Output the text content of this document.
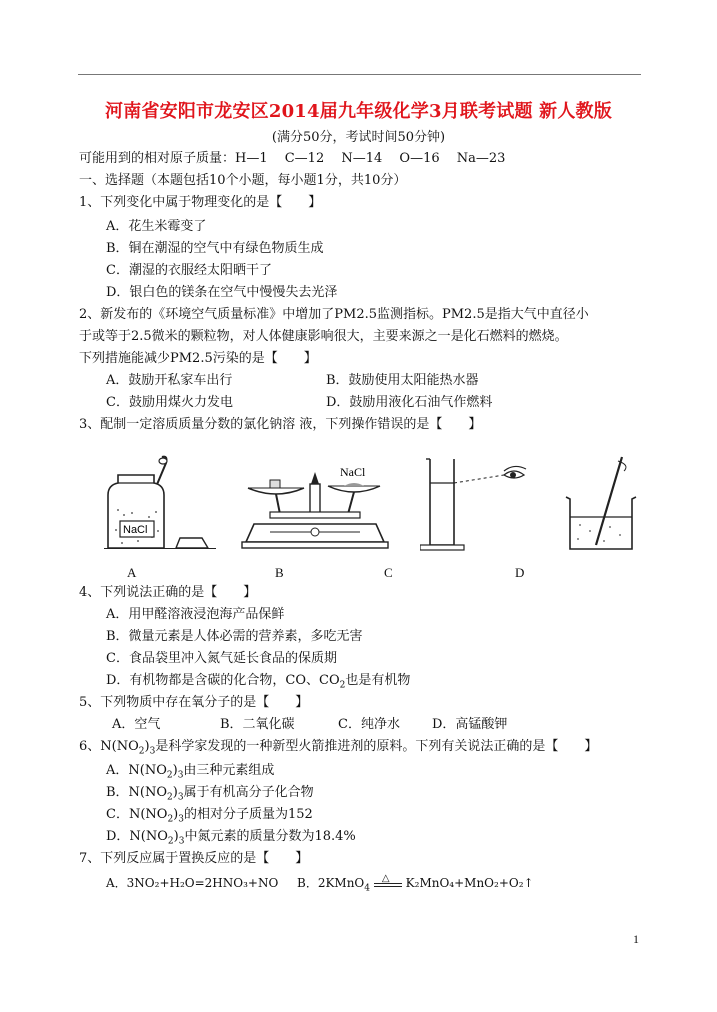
河南省安阳市龙安区2014届九年级化学3月联考试题 新人教版
(满分50分，考试时间50分钟)
可能用到的相对原子质量：H—1　 C—12　 N—14　 O—16　 Na—23
一、选择题（本题包括10个小题，每小题1分，共10分）
1、下列变化中属于物理变化的是【　　】
A．花生米霉变了
B．铜在潮湿的空气中有绿色物质生成
C．潮湿的衣服经太阳晒干了
D．银白色的镁条在空气中慢慢失去光泽
2、新发布的《环境空气质量标准》中增加了PM2.5监测指标。PM2.5是指大气中直径小
于或等于2.5微米的颗粒物，对人体健康影响很大，主要来源之一是化石燃料的燃烧。
下列措施能减少PM2.5污染的是【　　】
A．鼓励开私家车出行	B．鼓励使用太阳能热水器
C．鼓励用煤火力发电	D．鼓励用液化石油气作燃料
3、配制一定溶质质量分数的氯化钠溶 液，下列操作错误的是【　　】
NaCl
NaCl
A	B	C	D
4、下列说法正确的是【　　】
A．用甲醛溶液浸泡海产品保鲜
B．微量元素是人体必需的营养素，多吃无害
C．食品袋里冲入氮气延长食品的保质期
D．有机物都是含碳的化合物，CO、$CO_2$也是有机物
5、下列物质中存在氧分子的是【　　】
A．空气	B．二氧化碳	C．纯净水 D．高锰酸钾
6、$N(NO_2)_3$是科学家发现的一种新型火箭推进剂的原料。下列有关说法正确的是【　　】
A．$N(NO_2)_3$由三种元素组成
B．$N(NO_2)_3$属于有机高分子化合物
C．$N(NO_2)_3$的相对分子质量为152
D．$N(NO_2)_3$中氮元素的质量分数为18.4%
7、下列反应属于置换反应的是【　　】
A．3NO₂+H₂O=2HNO₃+NO B．2KMnO$_4$
△ K₂MnO₄+MnO₂+O₂↑
1
